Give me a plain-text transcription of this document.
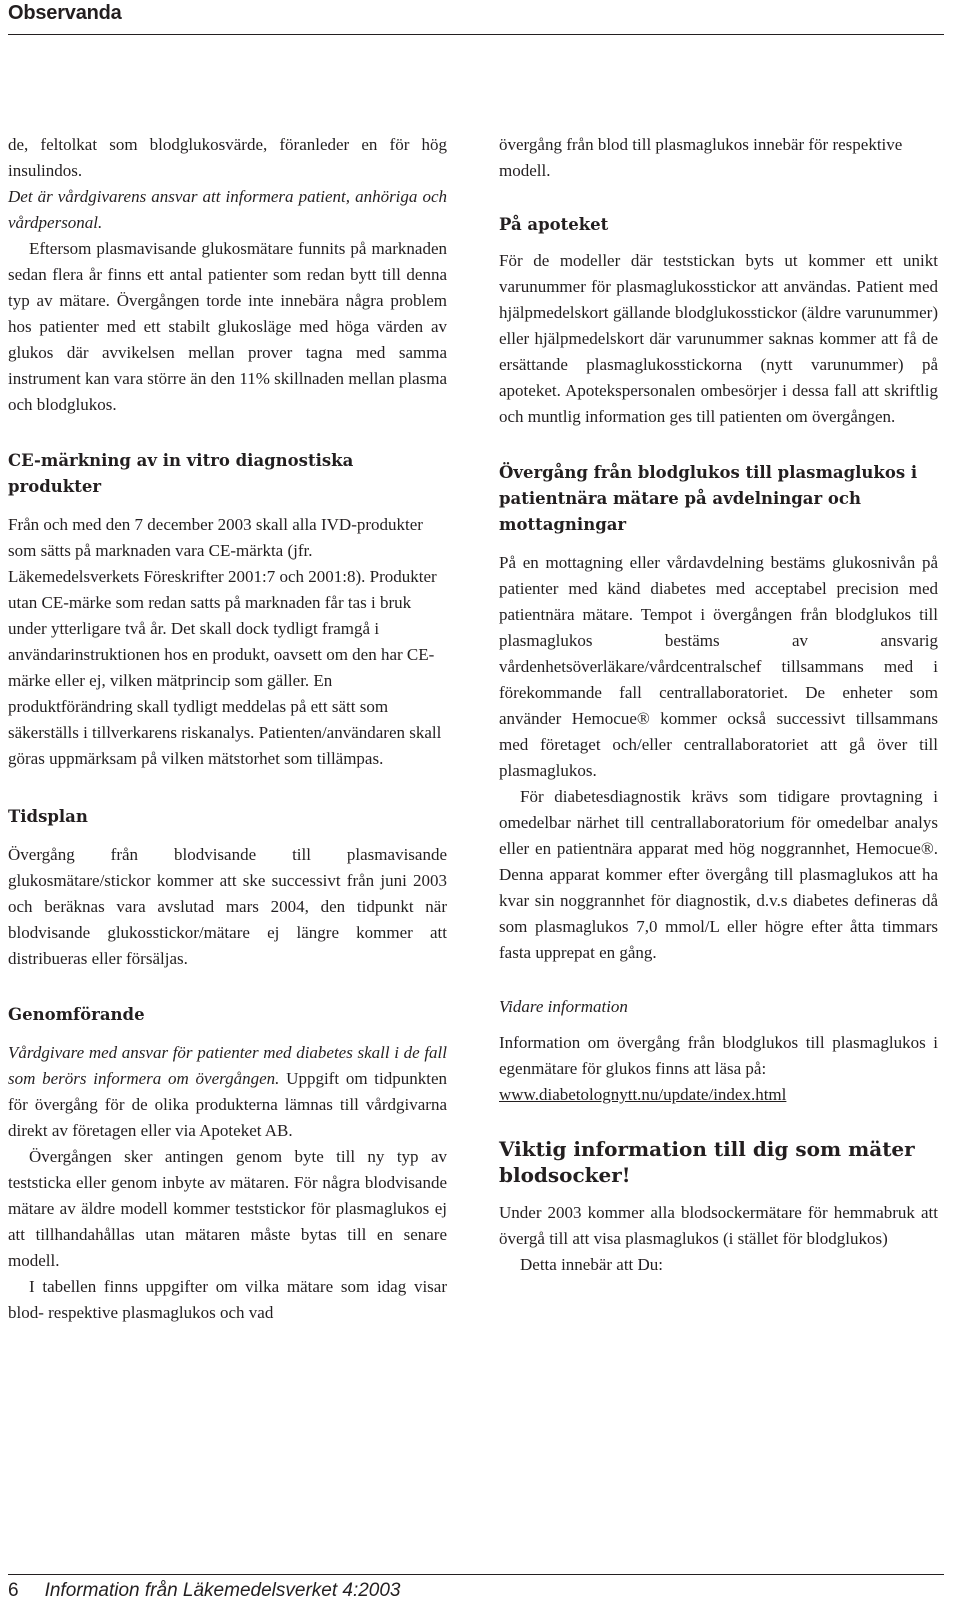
Observanda

de, feltolkat som blodglukosvärde, föranleder en för hög insulindos.

Det är vårdgivarens ansvar att informera patient, anhöriga och vårdpersonal.

Eftersom plasmavisande glukosmätare funnits på marknaden sedan flera år finns ett antal patienter som redan bytt till denna typ av mätare. Övergången torde inte innebära några problem hos patienter med ett stabilt glukosläge med höga värden av glukos där avvikelsen mellan prover tagna med samma instrument kan vara större än den 11% skillnaden mellan plasma och blodglukos.

CE-märkning av in vitro diagnostiska produkter

Från och med den 7 december 2003 skall alla IVD-produkter som sätts på marknaden vara CE-märkta (jfr. Läkemedelsverkets Föreskrifter 2001:7 och 2001:8). Produkter utan CE-märke som redan satts på marknaden får tas i bruk under ytterligare två år. Det skall dock tydligt framgå i användarinstruktionen hos en produkt, oavsett om den har CE-märke eller ej, vilken mätprincip som gäller. En produktförändring skall tydligt meddelas på ett sätt som säkerställs i tillverkarens riskanalys. Patienten/användaren skall göras uppmärksam på vilken mätstorhet som tillämpas.

Tidsplan

Övergång från blodvisande till plasmavisande glukosmätare/stickor kommer att ske successivt från juni 2003 och beräknas vara avslutad mars 2004, den tidpunkt när blodvisande glukosstickor/mätare ej längre kommer att distribueras eller försäljas.

Genomförande

Vårdgivare med ansvar för patienter med diabetes skall i de fall som berörs informera om övergången. Uppgift om tidpunkten för övergång för de olika produkterna lämnas till vårdgivarna direkt av företagen eller via Apoteket AB.

Övergången sker antingen genom byte till ny typ av teststicka eller genom inbyte av mätaren. För några blodvisande mätare av äldre modell kommer teststickor för plasmaglukos ej att tillhandahållas utan mätaren måste bytas till en senare modell.

I tabellen finns uppgifter om vilka mätare som idag visar blod- respektive plasmaglukos och vad

övergång från blod till plasmaglukos innebär för respektive modell.

På apoteket

För de modeller där teststickan byts ut kommer ett unikt varunummer för plasmaglukosstickor att användas. Patient med hjälpmedelskort gällande blodglukosstickor (äldre varunummer) eller hjälpmedelskort där varunummer saknas kommer att få de ersättande plasmaglukosstickorna (nytt varunummer) på apoteket. Apotekspersonalen ombesörjer i dessa fall att skriftlig och muntlig information ges till patienten om övergången.

Övergång från blodglukos till plasmaglukos i patientnära mätare på avdelningar och mottagningar

På en mottagning eller vårdavdelning bestäms glukosnivån på patienter med känd diabetes med acceptabel precision med patientnära mätare. Tempot i övergången från blodglukos till plasmaglukos bestäms av ansvarig vårdenhetsöverläkare/vårdcentralschef tillsammans med i förekommande fall centrallaboratoriet. De enheter som använder Hemocue® kommer också successivt tillsammans med företaget och/eller centrallaboratoriet att gå över till plasmaglukos.

För diabetesdiagnostik krävs som tidigare provtagning i omedelbar närhet till centrallaboratorium för omedelbar analys eller en patientnära apparat med hög noggrannhet, Hemocue®. Denna apparat kommer efter övergång till plasmaglukos att ha kvar sin noggrannhet för diagnostik, d.v.s diabetes defineras då som plasmaglukos 7,0 mmol/L eller högre efter åtta timmars fasta upprepat en gång.

Vidare information

Information om övergång från blodglukos till plasmaglukos i egenmätare för glukos finns att läsa på:

www.diabetolognytt.nu/update/index.html

Viktig information till dig som mäter blodsocker!

Under 2003 kommer alla blodsockermätare för hemmabruk att övergå till att visa plasmaglukos (i stället för blodglukos)

Detta innebär att Du:

6 Information från Läkemedelsverket 4:2003
